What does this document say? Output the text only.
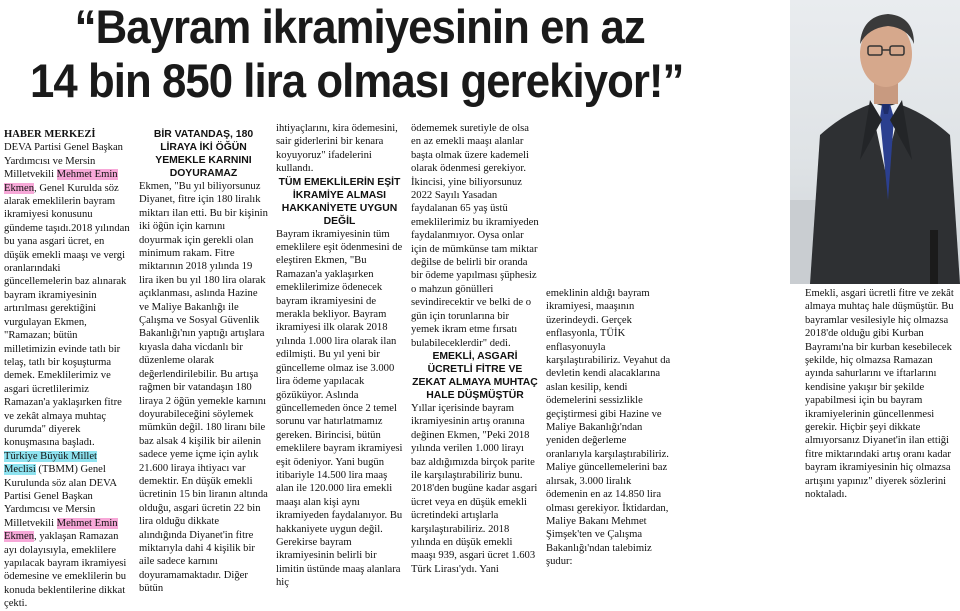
“Bayram ikramiyesinin en az
14 bin 850 lira olması gerekiyor!”

HABER MERKEZİ

DEVA Partisi Genel Başkan Yardımcısı ve Mersin Milletvekili Mehmet Emin Ekmen, Genel Kurulda söz alarak emeklilerin bayram ikramiyesi konusunu gündeme taşıdı.2018 yılından bu yana asgari ücret, en düşük emekli maaşı ve vergi oranlarındaki güncellemelerin baz alınarak bayram ikramiyesinin artırılması gerektiğini vurgulayan Ekmen, "Ramazan; bütün milletimizin evinde tatlı bir telaş, tatlı bir koşuşturma demek. Emeklilerimiz ve asgari ücretlilerimiz Ramazan'a yaklaşırken fitre ve zekât almaya muhtaç durumda" diyerek konuşmasına başladı.

Türkiye Büyük Millet Meclisi (TBMM) Genel Kurulunda söz alan DEVA Partisi Genel Başkan Yardımcısı ve Mersin Milletvekili Mehmet Emin Ekmen, yaklaşan Ramazan ayı dolayısıyla, emeklilere yapılacak bayram ikramiyesi ödemesine ve emeklilerin bu konuda beklentilerine dikkat çekti.

BİR VATANDAŞ, 180 LİRAYA İKİ ÖĞÜN YEMEKLE KARNINI DOYURAMAZ

Ekmen, "Bu yıl biliyorsunuz Diyanet, fitre için 180 liralık miktarı ilan etti. Bu bir kişinin iki öğün için karnını doyurmak için gerekli olan minimum rakam. Fitre miktarının 2018 yılında 19 lira iken bu yıl 180 lira olarak açıklanması, aslında Hazine ve Maliye Bakanlığı ile Çalışma ve Sosyal Güvenlik Bakanlığı'nın yaptığı artışlara kıyasla daha vicdanlı bir düzenleme olarak değerlendirilebilir. Bu artışa rağmen bir vatandaşın 180 liraya 2 öğün yemekle karnını doyurabileceğini söylemek mümkün değil. 180 liranı bile baz alsak 4 kişilik bir ailenin sadece yeme içme için aylık 21.600 liraya ihtiyacı var demektir. En düşük emekli ücretinin 15 bin liranın altında olduğu, asgari ücretin 22 bin lira olduğu dikkate alındığında Diyanet'in fitre miktarıyla dahi 4 kişilik bir aile sadece karnını doyuramamaktadır. Diğer bütün

ihtiyaçlarını, kira ödemesini, sair giderlerini bir kenara koyuyoruz" ifadelerini kullandı.

TÜM EMEKLİLERİN EŞİT İKRAMİYE ALMASI HAKKANİYETE UYGUN DEĞİL

Bayram ikramiyesinin tüm emeklilere eşit ödenmesini de eleştiren Ekmen, "Bu Ramazan'a yaklaşırken emeklilerimize ödenecek bayram ikramiyesini de merakla bekliyor. Bayram ikramiyesi ilk olarak 2018 yılında 1.000 lira olarak ilan edilmişti. Bu yıl yeni bir güncelleme olmaz ise 3.000 lira ödeme yapılacak gözüküyor. Aslında güncellemeden önce 2 temel sorunu var hatırlatmamız gereken. Birincisi, bütün emeklilere bayram ikramiyesi eşit ödeniyor. Yani bugün itibariyle 14.500 lira maaş alan ile 120.000 lira emekli maaşı alan kişi aynı ikramiyeden faydalanıyor. Bu hakkaniyete uygun değil. Gerekirse bayram ikramiyesinin belirli bir limitin üstünde maaş alanlara hiç

ödememek suretiyle de olsa en az emekli maaşı alanlar başta olmak üzere kademeli olarak ödenmesi gerekiyor. İkincisi, yine biliyorsunuz 2022 Sayılı Yasadan faydalanan 65 yaş üstü emeklilerimiz bu ikramiyeden faydalanmıyor. Oysa onlar için de mümkünse tam miktar değilse de belirli bir oranda bir ödeme yapılması şüphesiz o mahzun gönülleri sevindirecektir ve belki de o gün için torunlarına bir yemek ikram etme fırsatı bulabileceklerdir" dedi.

EMEKLİ, ASGARİ ÜCRETLİ FİTRE VE ZEKAT ALMAYA MUHTAÇ HALE DÜŞMÜŞTÜR

Yıllar içerisinde bayram ikramiyesinin artış oranına değinen Ekmen, "Peki 2018 yılında verilen 1.000 lirayı baz aldığımızda birçok parite ile karşılaştırabiliriz bunu. 2018'den bugüne kadar asgari ücret veya en düşük emekli ücretindeki artışlarla karşılaştırabiliriz. 2018 yılında en düşük emekli maaşı 939, asgari ücret 1.603 Türk Lirası'ydı. Yani

emeklinin aldığı bayram ikramiyesi, maaşının üzerindeydi. Gerçek enflasyonla, TÜİK enflasyonuyla karşılaştırabiliriz. Veyahut da devletin kendi alacaklarına aslan kesilip, kendi ödemelerini sessizlikle geçiştirmesi gibi Hazine ve Maliye Bakanlığı'ndan yeniden değerleme oranlarıyla karşılaştırabiliriz. Maliye güncellemelerini baz alırsak, 3.000 liralık ödemenin en az 14.850 lira olması gerekiyor. İktidardan, Maliye Bakanı Mehmet Şimşek'ten ve Çalışma Bakanlığı'ndan talebimiz şudur:

Emekli, asgari ücretli fitre ve zekât almaya muhtaç hale düşmüştür. Bu bayramlar vesilesiyle hiç olmazsa 2018'de olduğu gibi Kurban Bayramı'na bir kurban kesebilecek şekilde, hiç olmazsa Ramazan ayında sahurlarını ve iftarlarını kendisine yakışır bir şekilde yapabilmesi için bu bayram ikramiyelerinin güncellenmesi gerekir. Hiçbir şeyi dikkate almıyorsanız Diyanet'in ilan ettiği fitre miktarındaki artış oranı kadar bayram ikramiyesinin hiç olmazsa artışını yapınız" diyerek sözlerini noktaladı.
